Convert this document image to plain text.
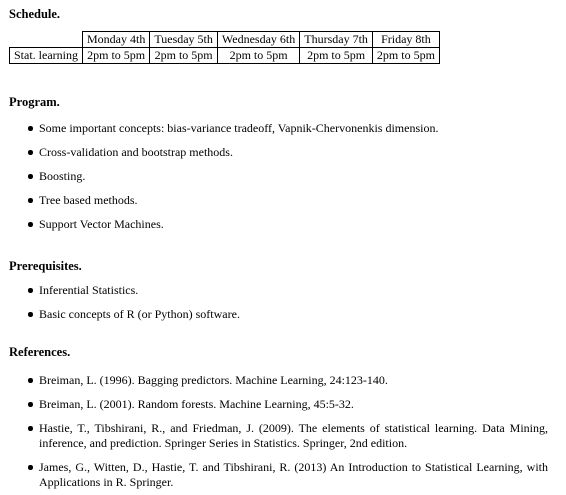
Schedule.
	Monday 4th	Tuesday 5th	Wednesday 6th	Thursday 7th	Friday 8th
Stat. learning	2pm to 5pm	2pm to 5pm	2pm to 5pm	2pm to 5pm	2pm to 5pm
Program.
Some important concepts: bias-variance tradeoff, Vapnik-Chervonenkis dimension.
Cross-validation and bootstrap methods.
Boosting.
Tree based methods.
Support Vector Machines.
Prerequisites.
Inferential Statistics.
Basic concepts of R (or Python) software.
References.
Breiman, L. (1996). Bagging predictors. Machine Learning, 24:123-140.
Breiman, L. (2001). Random forests. Machine Learning, 45:5-32.
Hastie, T., Tibshirani, R., and Friedman, J. (2009). The elements of statistical learning. Data Mining, inference, and prediction. Springer Series in Statistics. Springer, 2nd edition.
James, G., Witten, D., Hastie, T. and Tibshirani, R. (2013) An Introduction to Statistical Learning, with Applications in R. Springer.
